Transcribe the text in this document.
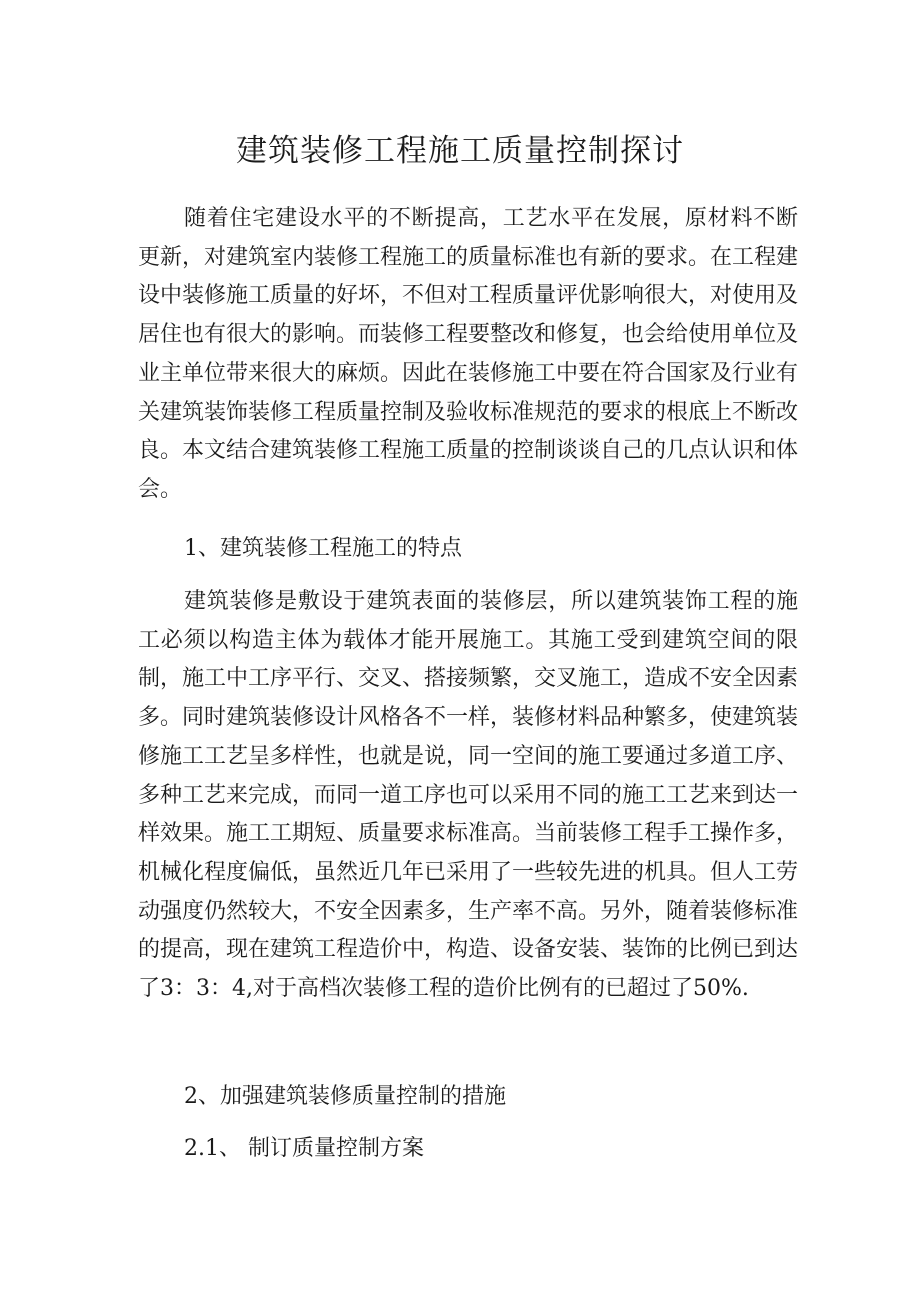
建筑装修工程施工质量控制探讨

随着住宅建设水平的不断提高，工艺水平在发展，原材料不断更新，对建筑室内装修工程施工的质量标准也有新的要求。在工程建设中装修施工质量的好坏，不但对工程质量评优影响很大，对使用及居住也有很大的影响。而装修工程要整改和修复，也会给使用单位及业主单位带来很大的麻烦。因此在装修施工中要在符合国家及行业有关建筑装饰装修工程质量控制及验收标准规范的要求的根底上不断改良。本文结合建筑装修工程施工质量的控制谈谈自己的几点认识和体会。

1、建筑装修工程施工的特点

建筑装修是敷设于建筑表面的装修层，所以建筑装饰工程的施工必须以构造主体为载体才能开展施工。其施工受到建筑空间的限制，施工中工序平行、交叉、搭接频繁，交叉施工，造成不安全因素多。同时建筑装修设计风格各不一样，装修材料品种繁多，使建筑装修施工工艺呈多样性，也就是说，同一空间的施工要通过多道工序、多种工艺来完成，而同一道工序也可以采用不同的施工工艺来到达一样效果。施工工期短、质量要求标准高。当前装修工程手工操作多，机械化程度偏低，虽然近几年已采用了一些较先进的机具。但人工劳动强度仍然较大，不安全因素多，生产率不高。另外，随着装修标准的提高，现在建筑工程造价中，构造、设备安装、装饰的比例已到达了3：3：4,对于高档次装修工程的造价比例有的已超过了50%.

2、加强建筑装修质量控制的措施

2.1、 制订质量控制方案
